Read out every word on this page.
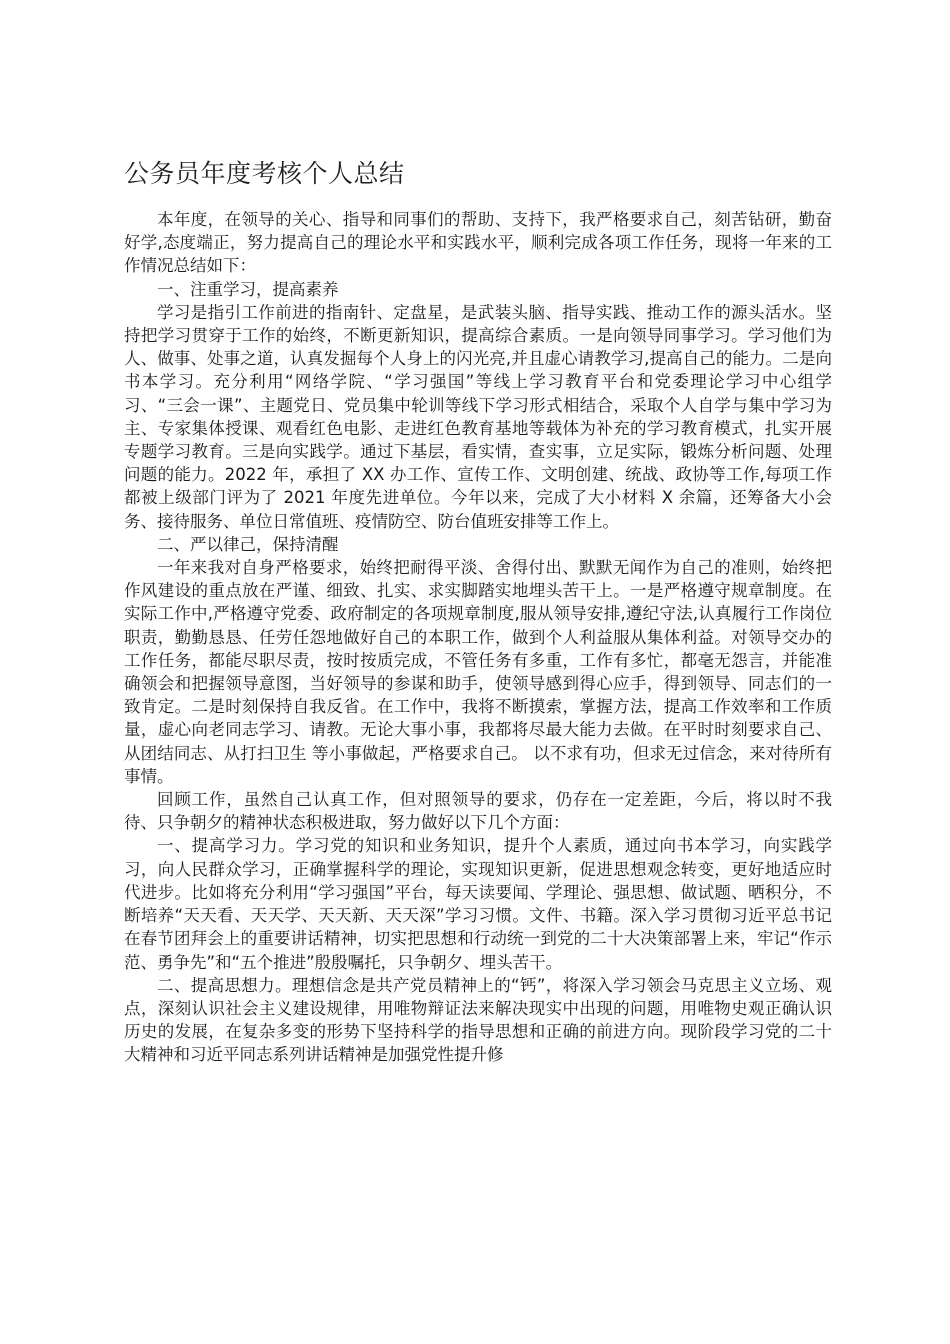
公务员年度考核个人总结

本年度，在领导的关心、指导和同事们的帮助、支持下，我严格要求自己，刻苦钻研，勤奋好学,态度端正，努力提高自己的理论水平和实践水平，顺利完成各项工作任务，现将一年来的工作情况总结如下：

一、注重学习，提高素养

学习是指引工作前进的指南针、定盘星，是武装头脑、指导实践、推动工作的源头活水。坚持把学习贯穿于工作的始终，不断更新知识，提高综合素质。一是向领导同事学习。学习他们为人、做事、处事之道，认真发掘每个人身上的闪光亮,并且虚心请教学习,提高自己的能力。二是向书本学习。充分利用“网络学院、“学习强国”等线上学习教育平台和党委理论学习中心组学习、“三会一课”、主题党日、党员集中轮训等线下学习形式相结合，采取个人自学与集中学习为主、专家集体授课、观看红色电影、走进红色教育基地等载体为补充的学习教育模式，扎实开展专题学习教育。三是向实践学。通过下基层，看实情，查实事，立足实际，锻炼分析问题、处理问题的能力。2022 年，承担了 XX 办工作、宣传工作、文明创建、统战、政协等工作,每项工作都被上级部门评为了 2021 年度先进单位。今年以来，完成了大小材料 X 余篇，还筹备大小会务、接待服务、单位日常值班、疫情防空、防台值班安排等工作上。

二、严以律己，保持清醒

一年来我对自身严格要求，始终把耐得平淡、舍得付出、默默无闻作为自己的准则，始终把作风建设的重点放在严谨、细致、扎实、求实脚踏实地埋头苦干上。一是严格遵守规章制度。在实际工作中,严格遵守党委、政府制定的各项规章制度,服从领导安排,遵纪守法,认真履行工作岗位职责，勤勤恳恳、任劳任怨地做好自己的本职工作，做到个人利益服从集体利益。对领导交办的工作任务，都能尽职尽责，按时按质完成，不管任务有多重，工作有多忙，都毫无怨言，并能准确领会和把握领导意图，当好领导的参谋和助手，使领导感到得心应手，得到领导、同志们的一致肯定。二是时刻保持自我反省。在工作中，我将不断摸索，掌握方法，提高工作效率和工作质量，虚心向老同志学习、请教。无论大事小事，我都将尽最大能力去做。在平时时刻要求自己、从团结同志、从打扫卫生 等小事做起，严格要求自己。 以不求有功，但求无过信念，来对待所有事情。

回顾工作，虽然自己认真工作，但对照领导的要求，仍存在一定差距，今后，将以时不我待、只争朝夕的精神状态积极进取，努力做好以下几个方面：

一、提高学习力。学习党的知识和业务知识，提升个人素质，通过向书本学习，向实践学习，向人民群众学习，正确掌握科学的理论，实现知识更新，促进思想观念转变，更好地适应时代进步。比如将充分利用“学习强国”平台，每天读要闻、学理论、强思想、做试题、晒积分，不断培养“天天看、天天学、天天新、天天深”学习习惯。文件、书籍。深入学习贯彻习近平总书记在春节团拜会上的重要讲话精神，切实把思想和行动统一到党的二十大决策部署上来，牢记“作示范、勇争先”和“五个推进”殷殷嘱托，只争朝夕、埋头苦干。

二、提高思想力。理想信念是共产党员精神上的“钙”，将深入学习领会马克思主义立场、观点，深刻认识社会主义建设规律，用唯物辩证法来解决现实中出现的问题，用唯物史观正确认识历史的发展，在复杂多变的形势下坚持科学的指导思想和正确的前进方向。现阶段学习党的二十大精神和习近平同志系列讲话精神是加强党性提升修
